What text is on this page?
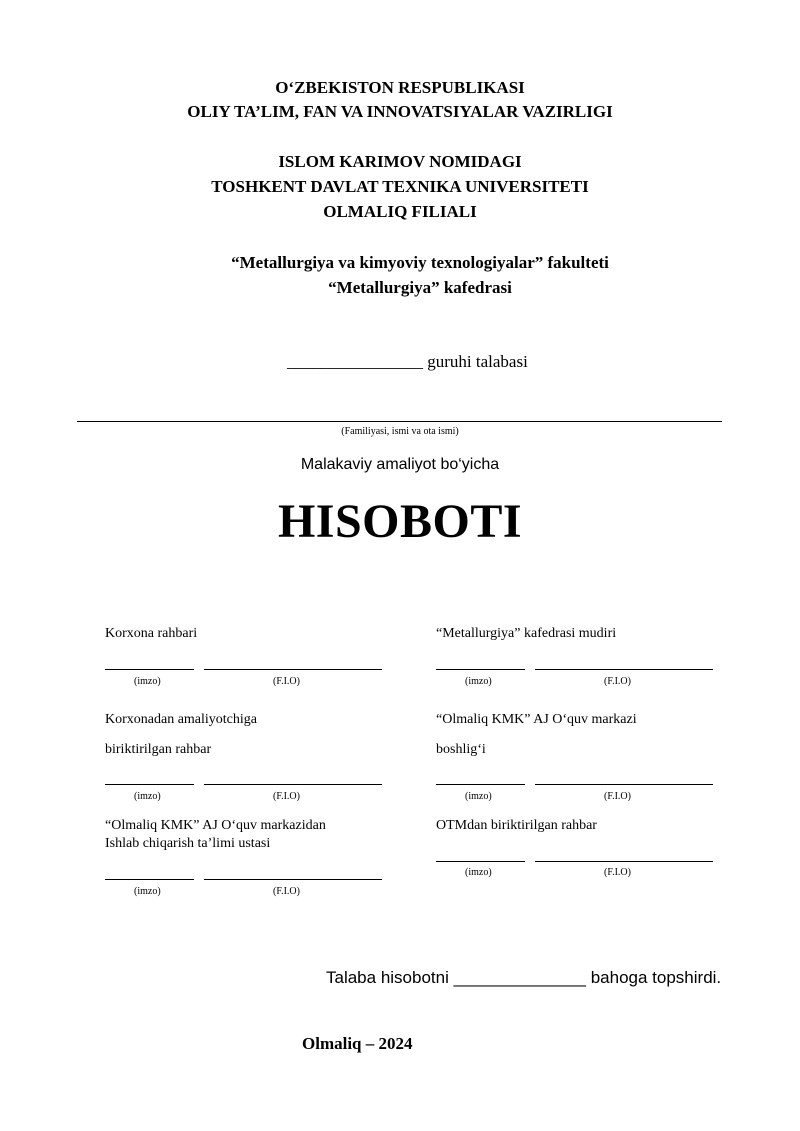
O‘ZBEKISTON RESPUBLIKASI
OLIY TA’LIM, FAN VA INNOVATSIYALAR VAZIRLIGI
ISLOM KARIMOV NOMIDAGI
TOSHKENT DAVLAT TEXNIKA UNIVERSITETI
OLMALIQ FILIALI
“Metallurgiya va kimyoviy texnologiyalar” fakulteti
“Metallurgiya” kafedrasi
________________ guruhi talabasi
(Familiyasi, ismi va ota ismi)
Malakaviy amaliyot bo‘yicha
HISOBOTI
Korxona rahbari
(imzo)	(F.I.O)
Korxonadan amaliyotchiga
biriktirilgan rahbar
(imzo)	(F.I.O)
“Olmaliq KMK” AJ O‘quv markazidan
Ishlab chiqarish ta’limi ustasi
(imzo)	(F.I.O)
“Metallurgiya” kafedrasi mudiri
(imzo)	(F.I.O)
“Olmaliq KMK” AJ O‘quv markazi
boshlig‘i
(imzo)	(F.I.O)
OTMdan biriktirilgan rahbar
(imzo)	(F.I.O)
Talaba hisobotni ______________ bahoga topshirdi.
Olmaliq – 2024
